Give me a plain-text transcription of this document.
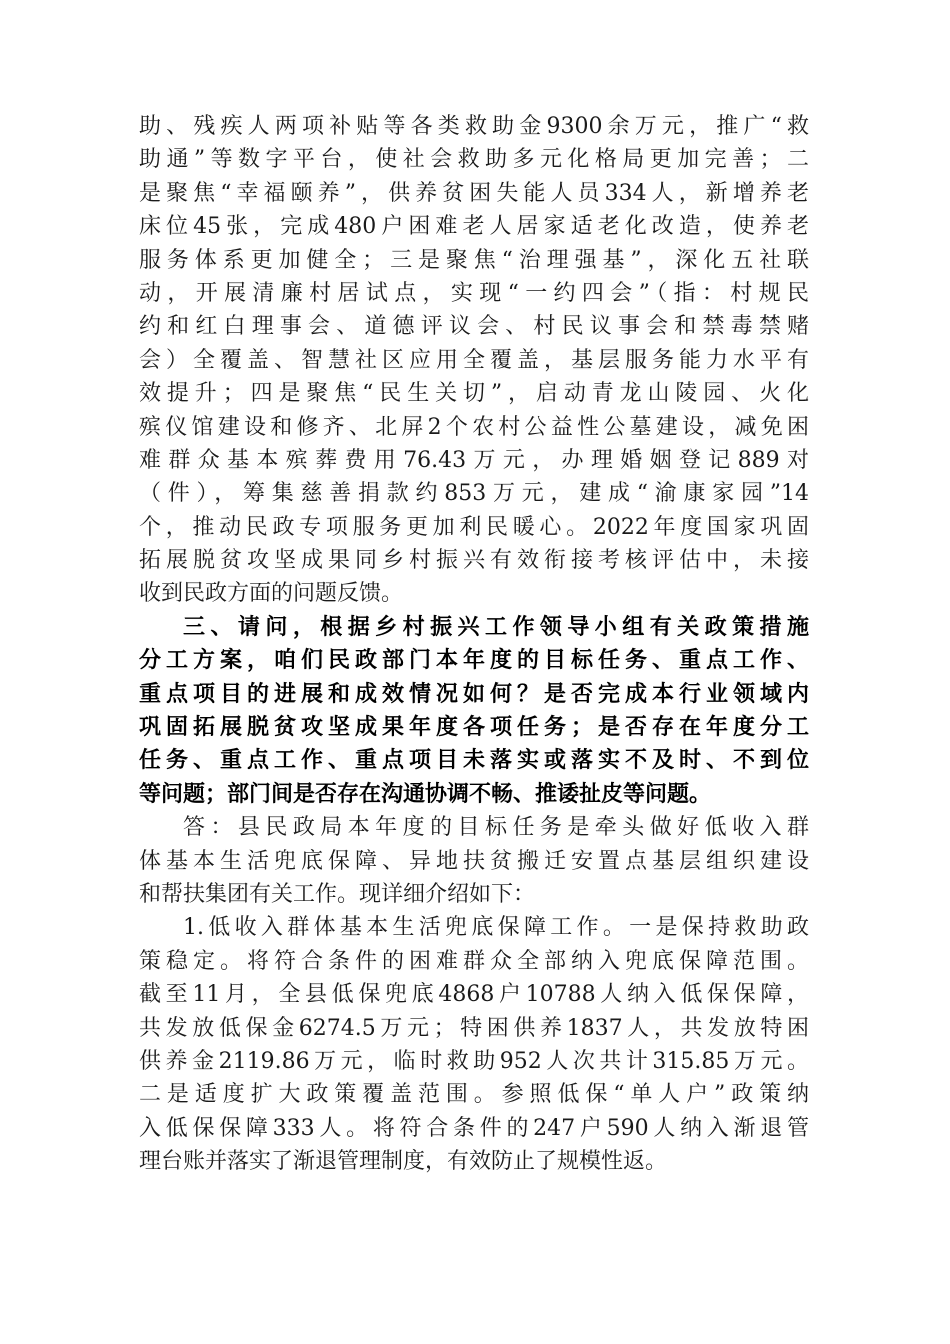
助、残疾人两项补贴等各类救助金9300余万元，推广“救
助通”等数字平台，使社会救助多元化格局更加完善；二
是聚焦“幸福颐养”，供养贫困失能人员334人，新增养老
床位45张，完成480户困难老人居家适老化改造，使养老
服务体系更加健全；三是聚焦“治理强基”，深化五社联
动，开展清廉村居试点，实现“一约四会”（指：村规民
约和红白理事会、道德评议会、村民议事会和禁毒禁赌
会）全覆盖、智慧社区应用全覆盖，基层服务能力水平有
效提升；四是聚焦“民生关切”，启动青龙山陵园、火化
殡仪馆建设和修齐、北屏2个农村公益性公墓建设，减免困
难群众基本殡葬费用76.43万元，办理婚姻登记889对
（件），筹集慈善捐款约853万元，建成“渝康家园”14
个，推动民政专项服务更加利民暖心。2022年度国家巩固
拓展脱贫攻坚成果同乡村振兴有效衔接考核评估中，未接
收到民政方面的问题反馈。
三、请问，根据乡村振兴工作领导小组有关政策措施
分工方案，咱们民政部门本年度的目标任务、重点工作、
重点项目的进展和成效情况如何？是否完成本行业领域内
巩固拓展脱贫攻坚成果年度各项任务；是否存在年度分工
任务、重点工作、重点项目未落实或落实不及时、不到位
等问题；部门间是否存在沟通协调不畅、推诿扯皮等问题。
答：县民政局本年度的目标任务是牵头做好低收入群
体基本生活兜底保障、异地扶贫搬迁安置点基层组织建设
和帮扶集团有关工作。现详细介绍如下：
1.低收入群体基本生活兜底保障工作。一是保持救助政
策稳定。将符合条件的困难群众全部纳入兜底保障范围。
截至11月，全县低保兜底4868户10788人纳入低保保障，
共发放低保金6274.5万元；特困供养1837人，共发放特困
供养金2119.86万元，临时救助952人次共计315.85万元。
二是适度扩大政策覆盖范围。参照低保“单人户”政策纳
入低保保障333人。将符合条件的247户590人纳入渐退管
理台账并落实了渐退管理制度，有效防止了规模性返。
